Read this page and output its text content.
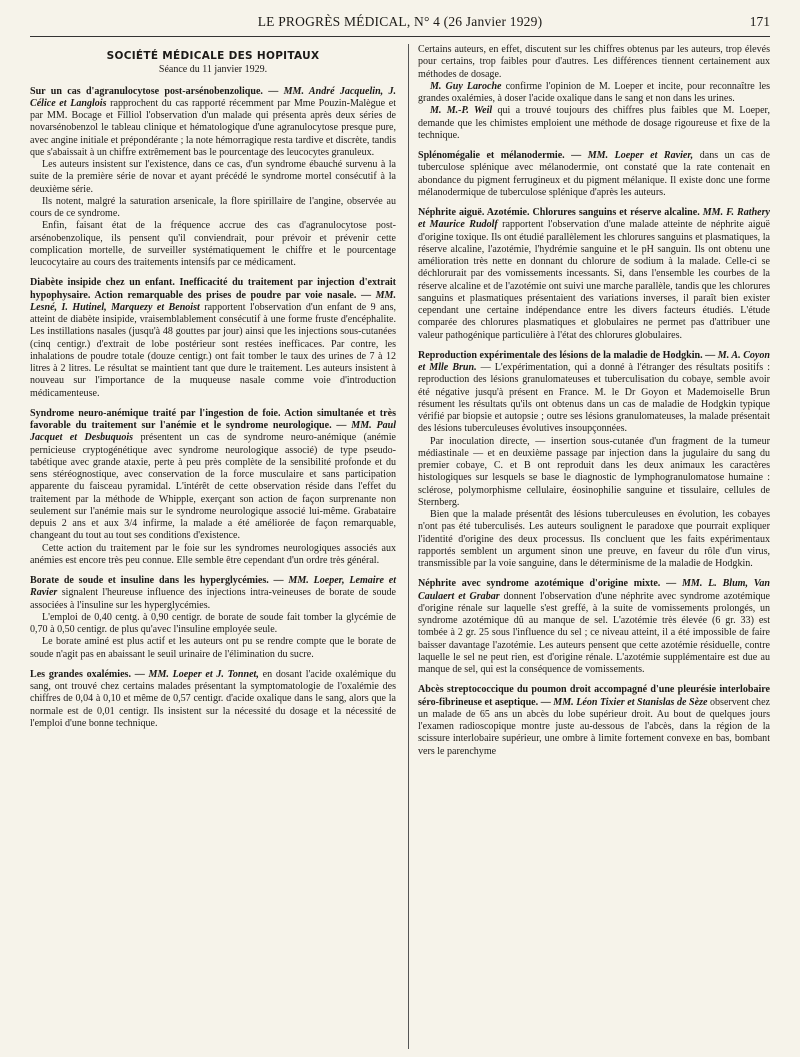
LE PROGRÈS MÉDICAL, N° 4 (26 Janvier 1929)	171
SOCIÉTÉ MÉDICALE DES HOPITAUX
Séance du 11 janvier 1929.

Sur un cas d'agranulocytose post-arsénobenzolique. — MM. André Jacquelin, J. Célice et Langlois rapprochent du cas rapporté récemment par Mme Pouzin-Malègue et par MM. Bocage et Filliol l'observation d'un malade qui présenta après deux séries de novarsénobenzol le tableau clinique et hématologique d'une agranulocytose presque pure, avec angine initiale et prépondérante ; la note hémorragique resta tardive et discrète, tandis que s'abaissait à un chiffre extrêmement bas le pourcentage des leucocytes granuleux.

Les auteurs insistent sur l'existence, dans ce cas, d'un syndrome ébauché survenu à la suite de la première série de novar et ayant précédé le syndrome mortel consécutif à la deuxième série.

Ils notent, malgré la saturation arsenicale, la flore spirillaire de l'angine, observée au cours de ce syndrome.

Enfin, faisant état de la fréquence accrue des cas d'agranulocytose post-arsénobenzolique, ils pensent qu'il conviendrait, pour prévoir et prévenir cette complication mortelle, de surveiller systématiquement le chiffre et le pourcentage leucocytaire au cours des traitements intensifs par ce médicament.

Diabète insipide chez un enfant. Inefficacité du traitement par injection d'extrait hypophysaire. Action remarquable des prises de poudre par voie nasale. — MM. Lesné, I. Hutinel, Marquezy et Benoist rapportent l'observation d'un enfant de 9 ans, atteint de diabète insipide, vraisemblablement consécutif à une forme fruste d'encéphalite. Les instillations nasales (jusqu'à 48 gouttes par jour) ainsi que les injections sous-cutanées (cinq centigr.) d'extrait de lobe postérieur sont restées inefficaces. Par contre, les inhalations de poudre totale (douze centigr.) ont fait tomber le taux des urines de 7 à 12 litres à 2 litres. Le résultat se maintient tant que dure le traitement. Les auteurs insistent à nouveau sur l'importance de la muqueuse nasale comme voie d'introduction médicamenteuse.

Syndrome neuro-anémique traité par l'ingestion de foie. Action simultanée et très favorable du traitement sur l'anémie et le syndrome neurologique. — MM. Paul Jacquet et Desbuquois présentent un cas de syndrome neuro-anémique (anémie pernicieuse cryptogénétique avec syndrome neurologique associé) de type pseudo-tabétique avec grande ataxie, perte à peu près complète de la sensibilité profonde et du sens stéréognostique, avec conservation de la force musculaire et sans participation apparente du faisceau pyramidal. L'intérêt de cette observation réside dans l'effet du traitement par la méthode de Whipple, exerçant son action de façon surprenante non seulement sur l'anémie mais sur le syndrome neurologique associé lui-même. Grabataire depuis 2 ans et aux 3/4 infirme, la malade a été améliorée de façon remarquable, changeant du tout au tout ses conditions d'existence.

Cette action du traitement par le foie sur les syndromes neurologiques associés aux anémies est encore très peu connue. Elle semble être cependant d'un ordre très général.

Borate de soude et insuline dans les hyperglycémies. — MM. Loeper, Lemaire et Ravier signalent l'heureuse influence des injections intra-veineuses de borate de soude associées à l'insuline sur les hyperglycémies.

L'emploi de 0,40 centg. à 0,90 centigr. de borate de soude fait tomber la glycémie de 0,70 à 0,50 centigr. de plus qu'avec l'insuline employée seule.

Le borate aminé est plus actif et les auteurs ont pu se rendre compte que le borate de soude n'agit pas en abaissant le seuil urinaire de l'élimination du sucre.

Les grandes oxalémies. — MM. Loeper et J. Tonnet, en dosant l'acide oxalémique du sang, ont trouvé chez certains malades présentant la symptomatologie de l'oxalémie des chiffres de 0,04 à 0,10 et même de 0,57 centigr. d'acide oxalique dans le sang, alors que la normale est de 0,01 centigr. Ils insistent sur la nécessité du dosage et la nécessité de l'emploi d'une bonne technique.

Certains auteurs, en effet, discutent sur les chiffres obtenus par les auteurs, trop élevés pour certains, trop faibles pour d'autres. Les différences tiennent certainement aux méthodes de dosage.

M. Guy Laroche confirme l'opinion de M. Loeper et incite, pour reconnaître les grandes oxalémies, à doser l'acide oxalique dans le sang et non dans les urines.

M. M.-P. Weil qui a trouvé toujours des chiffres plus faibles que M. Loeper, demande que les chimistes emploient une méthode de dosage rigoureuse et fixe de la technique.

Splénomégalie et mélanodermie. — MM. Loeper et Ravier, dans un cas de tuberculose splénique avec mélanodermie, ont constaté que la rate contenait en abondance du pigment ferrugineux et du pigment mélanique. Il existe donc une forme mélanodermique de tuberculose splénique d'après les auteurs.

Néphrite aiguë. Azotémie. Chlorures sanguins et réserve alcaline. MM. F. Rathery et Maurice Rudolf rapportent l'observation d'une malade atteinte de néphrite aiguë d'origine toxique. Ils ont étudié parallèlement les chlorures sanguins et plasmatiques, la réserve alcaline, l'azotémie, l'hydrémie sanguine et le pH sanguin. Ils ont obtenu une amélioration très nette en donnant du chlorure de sodium à la malade. Celle-ci se déchlorurait par des vomissements incessants. Si, dans l'ensemble les courbes de la réserve alcaline et de l'azotémie ont suivi une marche parallèle, tandis que les chlorures sanguins et plasmatiques présentaient des variations inverses, il paraît bien exister cependant une certaine indépendance entre les divers facteurs étudiés. L'étude comparée des chlorures plasmatiques et globulaires ne permet pas d'attribuer une valeur pathogénique particulière à l'état des chlorures globulaires.

Reproduction expérimentale des lésions de la maladie de Hodgkin. — M. A. Coyon et Mlle Brun. — L'expérimentation, qui a donné à l'étranger des résultats positifs : reproduction des lésions granulomateuses et tuberculisation du cobaye, semble avoir été négative jusqu'à présent en France. M. le Dr Goyon et Mademoiselle Brun résument les résultats qu'ils ont obtenus dans un cas de maladie de Hodgkin typique vérifié par biopsie et autopsie ; outre ses lésions granulomateuses, la malade présentait des lésions tuberculeuses évolutives insoupçonnées.

Par inoculation directe, — insertion sous-cutanée d'un fragment de la tumeur médiastinale — et en deuxième passage par injection dans la jugulaire du sang du premier cobaye, C. et B ont reproduit dans les deux animaux les caractères histologiques sur lesquels se base le diagnostic de lymphogranulomatose humaine : sclérose, polymorphisme cellulaire, éosinophilie sanguine et tissulaire, cellules de Sternberg.

Bien que la malade présentât des lésions tuberculeuses en évolution, les cobayes n'ont pas été tuberculisés. Les auteurs soulignent le paradoxe que pourrait expliquer l'identité d'origine des deux processus. Ils concluent que les faits expérimentaux rapportés semblent un argument sinon une preuve, en faveur du rôle d'un virus, transmissible par la voie sanguine, dans le déterminisme de la maladie de Hodgkin.

Néphrite avec syndrome azotémique d'origine mixte. — MM. L. Blum, Van Caulaert et Grabar donnent l'observation d'une néphrite avec syndrome azotémique d'origine rénale sur laquelle s'est greffé, à la suite de vomissements prolongés, un syndrome azotémique dû au manque de sel. L'azotémie très élevée (6 gr. 33) est tombée à 2 gr. 25 sous l'influence du sel ; ce niveau atteint, il a été impossible de faire baisser davantage l'azotémie. Les auteurs pensent que cette azotémie résiduelle, contre laquelle le sel ne peut rien, est d'origine rénale. L'azotémie supplémentaire est due au manque de sel, qui est la conséquence de vomissements.

Abcès streptococcique du poumon droit accompagné d'une pleurésie interlobaire séro-fibrineuse et aseptique. — MM. Léon Tixier et Stanislas de Sèze observent chez un malade de 65 ans un abcès du lobe supérieur droit. Au bout de quelques jours l'examen radioscopique montre juste au-dessous de l'abcès, dans la région de la scissure interlobaire supérieur, une ombre à limite fortement convexe en bas, bombant vers le parenchyme
